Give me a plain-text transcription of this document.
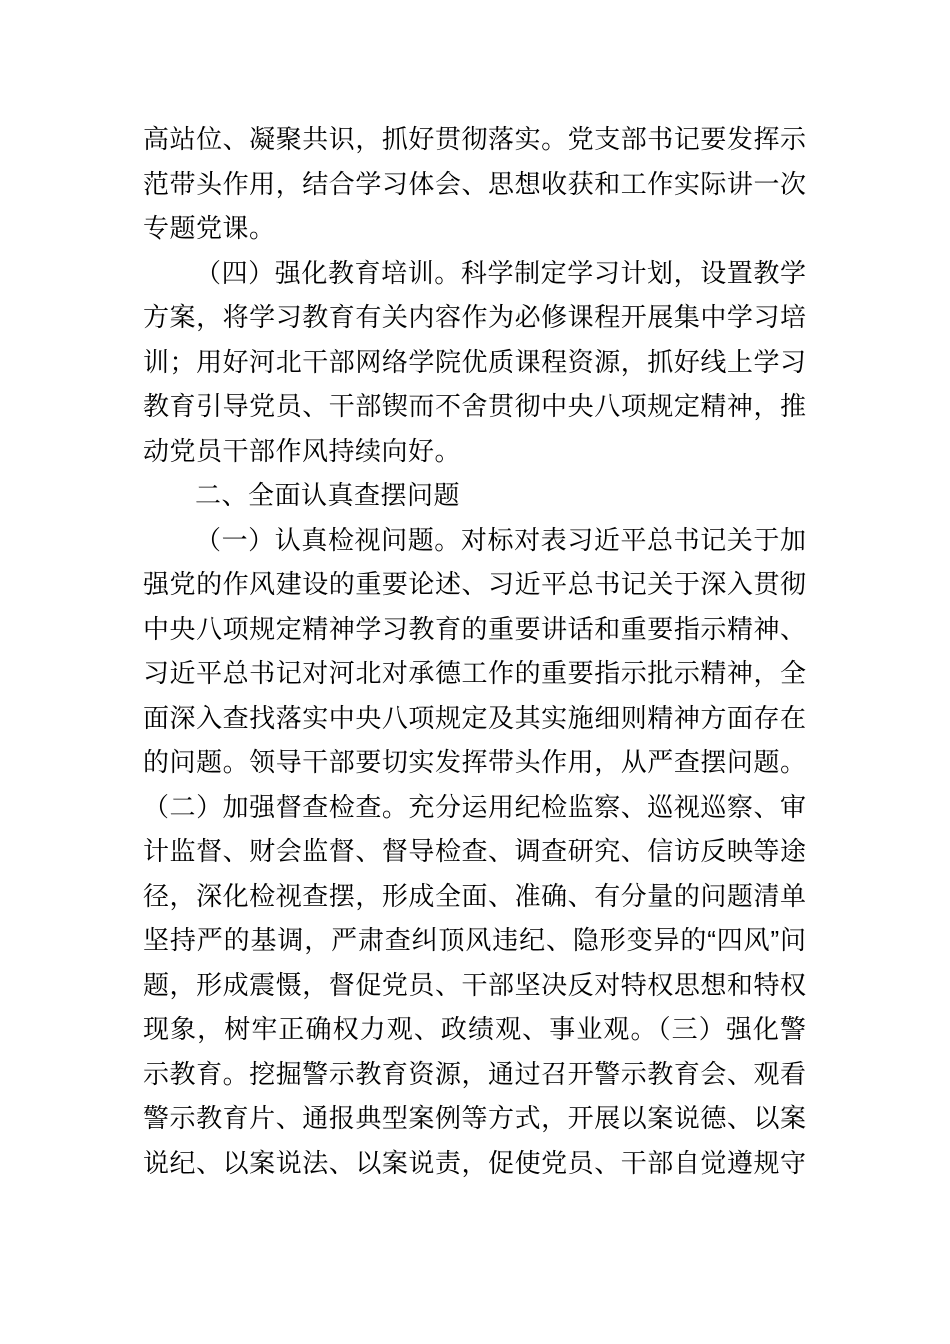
高站位、凝聚共识，抓好贯彻落实。党支部书记要发挥示
范带头作用，结合学习体会、思想收获和工作实际讲一次
专题党课。
（四）强化教育培训。科学制定学习计划，设置教学
方案，将学习教育有关内容作为必修课程开展集中学习培
训；用好河北干部网络学院优质课程资源，抓好线上学习
教育引导党员、干部锲而不舍贯彻中央八项规定精神，推
动党员干部作风持续向好。
二、全面认真查摆问题
（一）认真检视问题。对标对表习近平总书记关于加
强党的作风建设的重要论述、习近平总书记关于深入贯彻
中央八项规定精神学习教育的重要讲话和重要指示精神、
习近平总书记对河北对承德工作的重要指示批示精神，全
面深入查找落实中央八项规定及其实施细则精神方面存在
的问题。领导干部要切实发挥带头作用，从严查摆问题。
（二）加强督查检查。充分运用纪检监察、巡视巡察、审
计监督、财会监督、督导检查、调查研究、信访反映等途
径，深化检视查摆，形成全面、准确、有分量的问题清单
坚持严的基调，严肃查纠顶风违纪、隐形变异的“四风”问
题，形成震慑，督促党员、干部坚决反对特权思想和特权
现象，树牢正确权力观、政绩观、事业观。（三）强化警
示教育。挖掘警示教育资源，通过召开警示教育会、观看
警示教育片、通报典型案例等方式，开展以案说德、以案
说纪、以案说法、以案说责，促使党员、干部自觉遵规守
